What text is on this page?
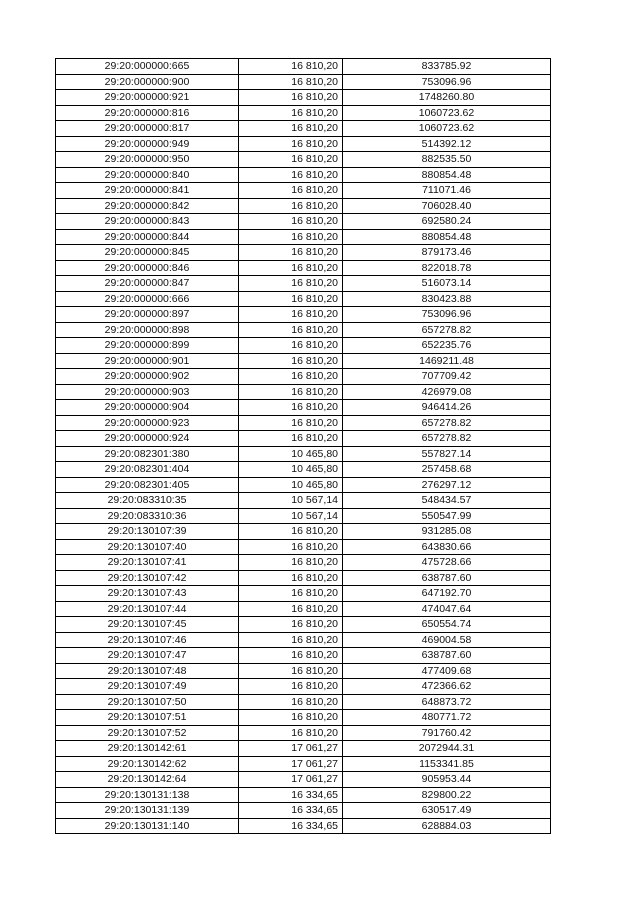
29:20:000000:665	16 810,20	833785.92
29:20:000000:900	16 810,20	753096.96
29:20:000000:921	16 810,20	1748260.80
29:20:000000:816	16 810,20	1060723.62
29:20:000000:817	16 810,20	1060723.62
29:20:000000:949	16 810,20	514392.12
29:20:000000:950	16 810,20	882535.50
29:20:000000:840	16 810,20	880854.48
29:20:000000:841	16 810,20	711071.46
29:20:000000:842	16 810,20	706028.40
29:20:000000:843	16 810,20	692580.24
29:20:000000:844	16 810,20	880854.48
29:20:000000:845	16 810,20	879173.46
29:20:000000:846	16 810,20	822018.78
29:20:000000:847	16 810,20	516073.14
29:20:000000:666	16 810,20	830423.88
29:20:000000:897	16 810,20	753096.96
29:20:000000:898	16 810,20	657278.82
29:20:000000:899	16 810,20	652235.76
29:20:000000:901	16 810,20	1469211.48
29:20:000000:902	16 810,20	707709.42
29:20:000000:903	16 810,20	426979.08
29:20:000000:904	16 810,20	946414.26
29:20:000000:923	16 810,20	657278.82
29:20:000000:924	16 810,20	657278.82
29:20:082301:380	10 465,80	557827.14
29:20:082301:404	10 465,80	257458.68
29:20:082301:405	10 465,80	276297.12
29:20:083310:35	10 567,14	548434.57
29:20:083310:36	10 567,14	550547.99
29:20:130107:39	16 810,20	931285.08
29:20:130107:40	16 810,20	643830.66
29:20:130107:41	16 810,20	475728.66
29:20:130107:42	16 810,20	638787.60
29:20:130107:43	16 810,20	647192.70
29:20:130107:44	16 810,20	474047.64
29:20:130107:45	16 810,20	650554.74
29:20:130107:46	16 810,20	469004.58
29:20:130107:47	16 810,20	638787.60
29:20:130107:48	16 810,20	477409.68
29:20:130107:49	16 810,20	472366.62
29:20:130107:50	16 810,20	648873.72
29:20:130107:51	16 810,20	480771.72
29:20:130107:52	16 810,20	791760.42
29:20:130142:61	17 061,27	2072944.31
29:20:130142:62	17 061,27	1153341.85
29:20:130142:64	17 061,27	905953.44
29:20:130131:138	16 334,65	829800.22
29:20:130131:139	16 334,65	630517.49
29:20:130131:140	16 334,65	628884.03
